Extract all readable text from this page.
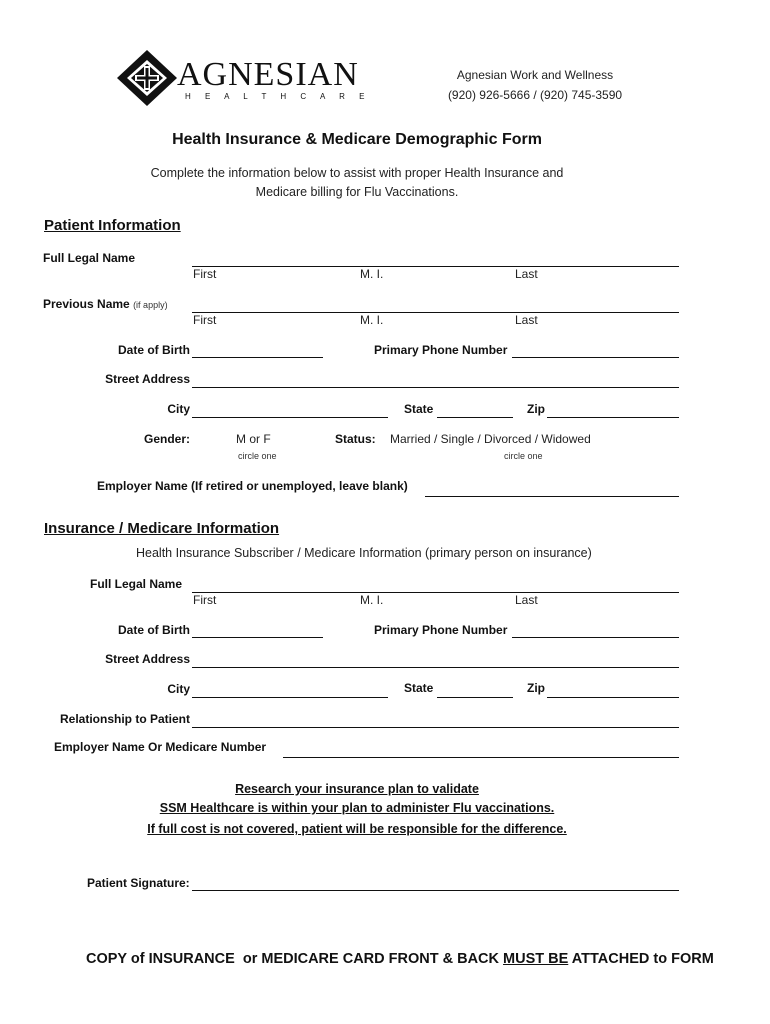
AGNESIAN
H E A L T H C A R E
Agnesian Work and Wellness
(920) 926-5666 / (920) 745-3590
Health Insurance & Medicare Demographic Form
Complete the information below to assist with proper Health Insurance and
Medicare billing for Flu Vaccinations.
Patient Information
Full Legal Name
First	M. I.	Last
Previous Name (if apply)
First	M. I.	Last
Date of Birth	Primary Phone Number
Street Address
City	State	Zip
Gender:	M or F
circle one
Status: Married / Single / Divorced / Widowed
circle one
Employer Name (If retired or unemployed, leave blank)
Insurance / Medicare Information
Health Insurance Subscriber / Medicare Information (primary person on insurance)
Full Legal Name
First	M. I.	Last
Date of Birth	Primary Phone Number
Street Address
City	State	Zip
Relationship to Patient
Employer Name Or Medicare Number
Research your insurance plan to validate
SSM Healthcare is within your plan to administer Flu vaccinations.
If full cost is not covered, patient will be responsible for the difference.
Patient Signature:
COPY of INSURANCE  or MEDICARE CARD FRONT & BACK MUST BE ATTACHED to FORM
